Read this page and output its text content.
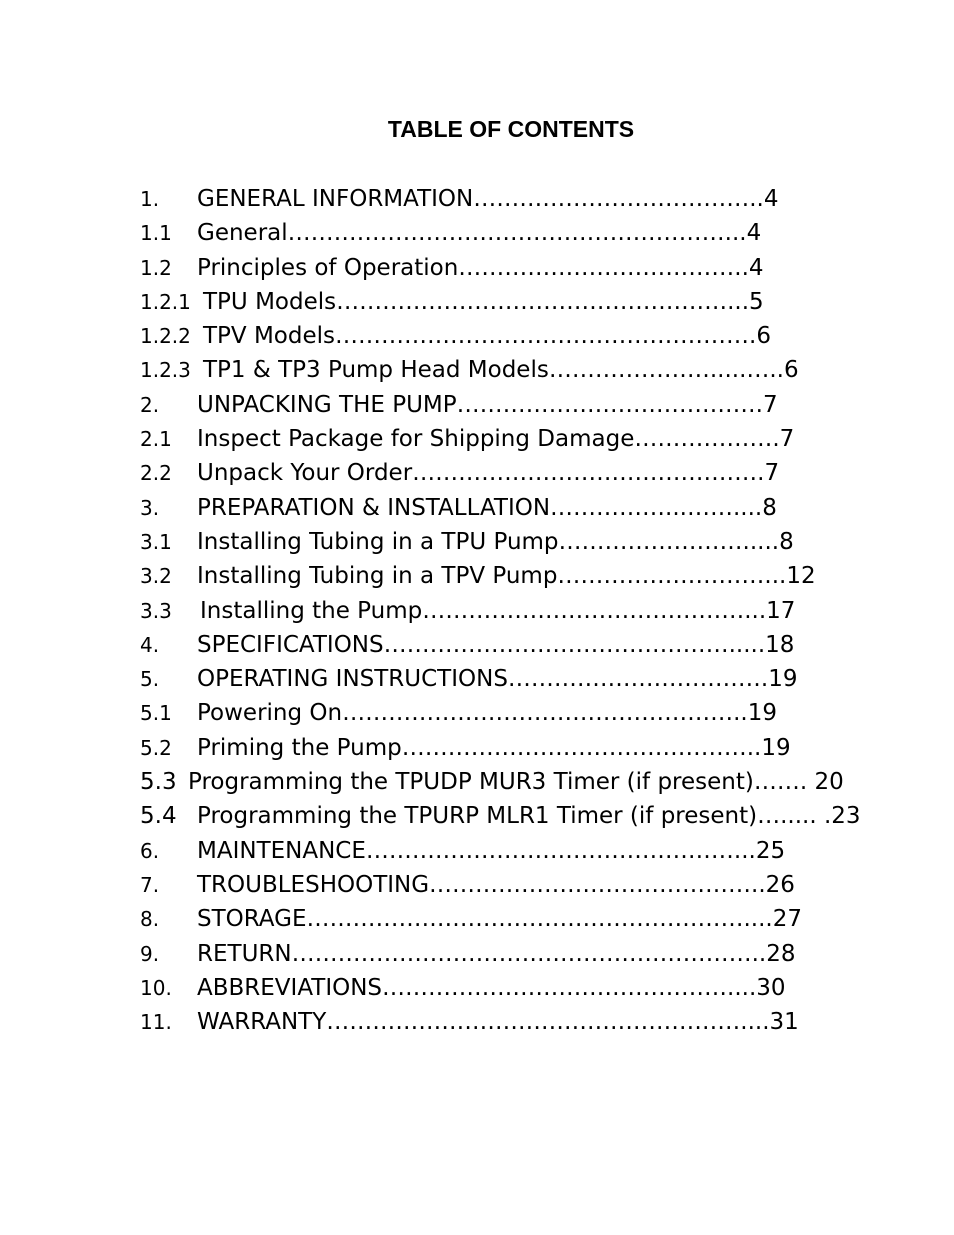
TABLE OF CONTENTS
1. GENERAL INFORMATION………………………………..4
1.1 General…………………………………………………...4
1.2 Principles of Operation………………………………..4
1.2.1 TPU Models……………………………………………...5
1.2.2 TPV Models……………………………………………….6
1.2.3 TP1 & TP3 Pump Head Models………………….....…..6
2. UNPACKING THE PUMP………………………………….7
2.1 Inspect Package for Shipping Damage……………….7
2.2 Unpack Your Order……………………………………….7
3. PREPARATION & INSTALLATION……………...……....8
3.1 Installing Tubing in a TPU Pump…………………….....8
3.2 Installing Tubing in a TPV Pump………………………...12
3.3 Installing the Pump……………………………………...17
4. SPECIFICATIONS……………………………………….....18
5. OPERATING INSTRUCTIONS…………………………….19
5.1 Powering On……………………………………………..19
5.2 Priming the Pump………………………………………..19
5.3 Programming the TPUDP MUR3 Timer (if present)……. 20
5.4 Programming the TPURP MLR1 Timer (if present)…..... .23
6. MAINTENANCE…………………………………………...25
7. TROUBLESHOOTING……………………………………..26
8. STORAGE…………………………………………………....27
9. RETURN……………………………………………………..28
10. ABBREVIATIONS………………………………………....30
11. WARRANTY………………………………………………....31
